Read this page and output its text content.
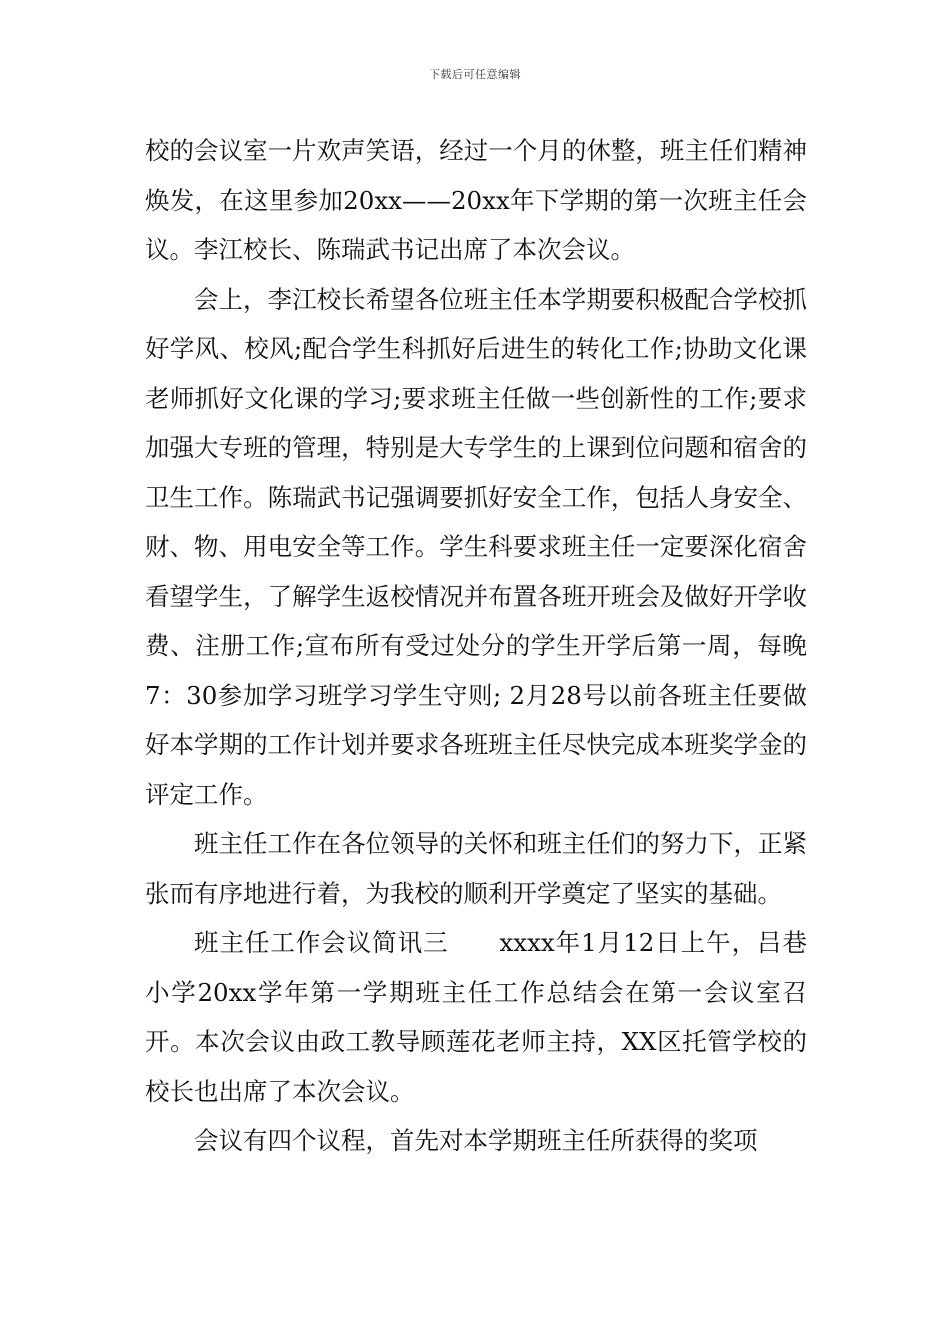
下载后可任意编辑

校的会议室一片欢声笑语，经过一个月的休整，班主任们精神焕发，在这里参加20xx——20xx年下学期的第一次班主任会议。李江校长、陈瑞武书记出席了本次会议。

会上，李江校长希望各位班主任本学期要积极配合学校抓好学风、校风;配合学生科抓好后进生的转化工作;协助文化课老师抓好文化课的学习;要求班主任做一些创新性的工作;要求加强大专班的管理，特别是大专学生的上课到位问题和宿舍的卫生工作。陈瑞武书记强调要抓好安全工作，包括人身安全、财、物、用电安全等工作。学生科要求班主任一定要深化宿舍看望学生，了解学生返校情况并布置各班开班会及做好开学收费、注册工作;宣布所有受过处分的学生开学后第一周，每晚7：30参加学习班学习学生守则; 2月28号以前各班主任要做好本学期的工作计划并要求各班班主任尽快完成本班奖学金的评定工作。

班主任工作在各位领导的关怀和班主任们的努力下，正紧张而有序地进行着，为我校的顺利开学奠定了坚实的基础。

班主任工作会议简讯三　　xxxx年1月12日上午，吕巷小学20xx学年第一学期班主任工作总结会在第一会议室召开。本次会议由政工教导顾莲花老师主持，XX区托管学校的校长也出席了本次会议。

会议有四个议程，首先对本学期班主任所获得的奖项
